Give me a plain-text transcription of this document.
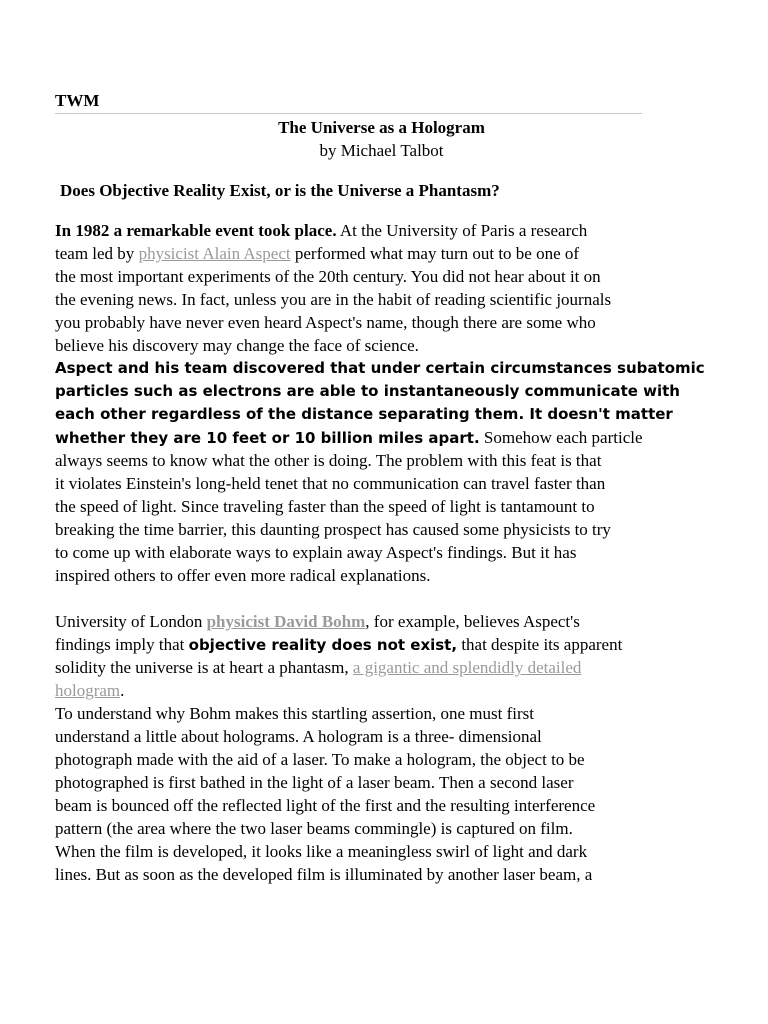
TWM
The Universe as a Hologram
by Michael Talbot
Does Objective Reality Exist, or is the Universe a Phantasm?
In 1982 a remarkable event took place. At the University of Paris a research
team led by physicist Alain Aspect performed what may turn out to be one of
the most important experiments of the 20th century. You did not hear about it on
the evening news. In fact, unless you are in the habit of reading scientific journals
you probably have never even heard Aspect's name, though there are some who
believe his discovery may change the face of science.
Aspect and his team discovered that under certain circumstances subatomic
particles such as electrons are able to instantaneously communicate with
each other regardless of the distance separating them. It doesn't matter
whether they are 10 feet or 10 billion miles apart. Somehow each particle
always seems to know what the other is doing. The problem with this feat is that
it violates Einstein's long-held tenet that no communication can travel faster than
the speed of light. Since traveling faster than the speed of light is tantamount to
breaking the time barrier, this daunting prospect has caused some physicists to try
to come up with elaborate ways to explain away Aspect's findings. But it has
inspired others to offer even more radical explanations.
University of London physicist David Bohm, for example, believes Aspect's
findings imply that objective reality does not exist, that despite its apparent
solidity the universe is at heart a phantasm, a gigantic and splendidly detailed
hologram.
To understand why Bohm makes this startling assertion, one must first
understand a little about holograms. A hologram is a three- dimensional
photograph made with the aid of a laser. To make a hologram, the object to be
photographed is first bathed in the light of a laser beam. Then a second laser
beam is bounced off the reflected light of the first and the resulting interference
pattern (the area where the two laser beams commingle) is captured on film.
When the film is developed, it looks like a meaningless swirl of light and dark
lines. But as soon as the developed film is illuminated by another laser beam, a
